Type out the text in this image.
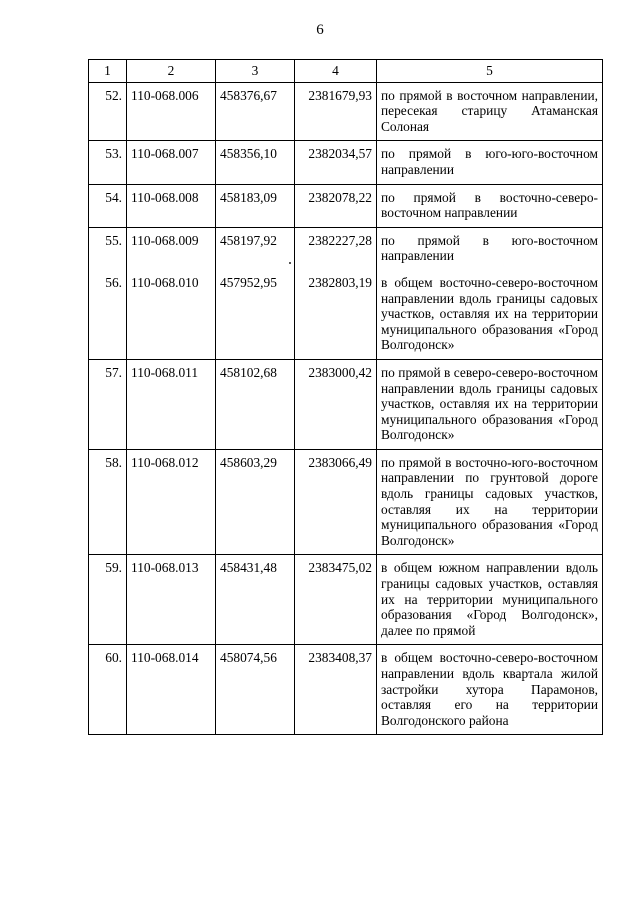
6
1	2	3	4	5
52.	110-068.006	458376,67	2381679,93	по прямой в восточном направлении, пересекая старицу Атаманская Солоная
53.	110-068.007	458356,10	2382034,57	по прямой в юго-юго-восточном направлении
54.	110-068.008	458183,09	2382078,22	по прямой в восточно-северо-восточном направлении
55.	110-068.009	458197,92	2382227,28	по прямой в юго-восточном направлении
56.	110-068.010	457952,95	2382803,19	в общем восточно-северо-восточном направлении вдоль границы садовых участков, оставляя их на территории муниципального образования «Город Волгодонск»
57.	110-068.011	458102,68	2383000,42	по прямой в северо-северо-восточном направлении вдоль границы садовых участков, оставляя их на территории муниципального образования «Город Волгодонск»
58.	110-068.012	458603,29	2383066,49	по прямой в восточно-юго-восточном направлении по грунтовой дороге вдоль границы садовых участков, оставляя их на территории муниципального образования «Город Волгодонск»
59.	110-068.013	458431,48	2383475,02	в общем южном направлении вдоль границы садовых участков, оставляя их на территории муниципального образования «Город Волгодонск», далее по прямой
60.	110-068.014	458074,56	2383408,37	в общем восточно-северо-восточном направлении вдоль квартала жилой застройки хутора Парамонов, оставляя его на территории Волгодонского района
